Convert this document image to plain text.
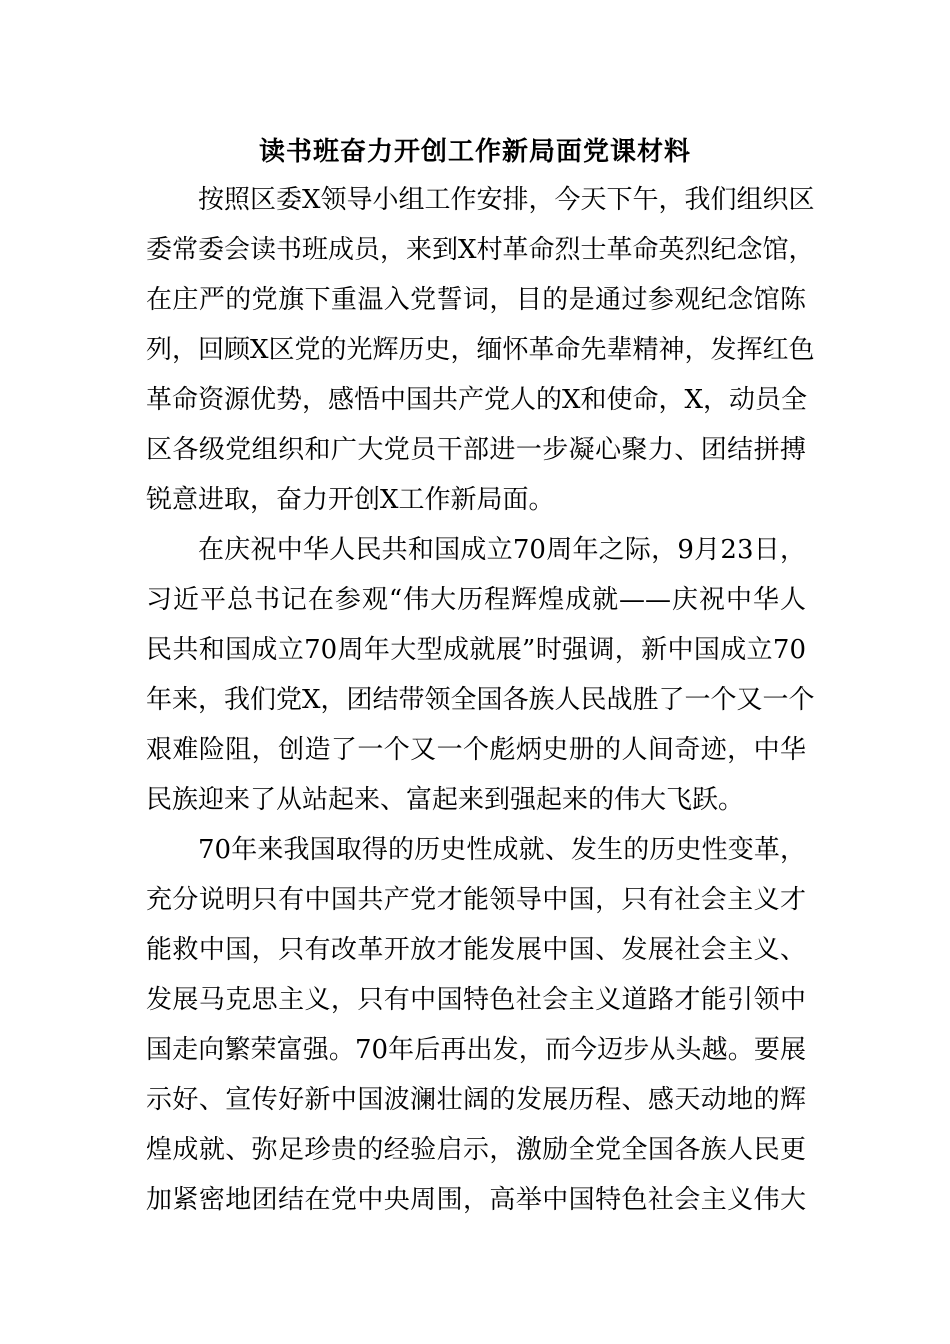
读书班奋力开创工作新局面党课材料
按照区委X领导小组工作安排，今天下午，我们组织区
委常委会读书班成员，来到X村革命烈士革命英烈纪念馆，
在庄严的党旗下重温入党誓词，目的是通过参观纪念馆陈
列，回顾X区党的光辉历史，缅怀革命先辈精神，发挥红色
革命资源优势，感悟中国共产党人的X和使命，X，动员全
区各级党组织和广大党员干部进一步凝心聚力、团结拼搏
锐意进取，奋力开创X工作新局面。
在庆祝中华人民共和国成立70周年之际，9月23日，
习近平总书记在参观“伟大历程辉煌成就——庆祝中华人
民共和国成立70周年大型成就展”时强调，新中国成立70
年来，我们党X，团结带领全国各族人民战胜了一个又一个
艰难险阻，创造了一个又一个彪炳史册的人间奇迹，中华
民族迎来了从站起来、富起来到强起来的伟大飞跃。
70年来我国取得的历史性成就、发生的历史性变革，
充分说明只有中国共产党才能领导中国，只有社会主义才
能救中国，只有改革开放才能发展中国、发展社会主义、
发展马克思主义，只有中国特色社会主义道路才能引领中
国走向繁荣富强。70年后再出发，而今迈步从头越。要展
示好、宣传好新中国波澜壮阔的发展历程、感天动地的辉
煌成就、弥足珍贵的经验启示，激励全党全国各族人民更
加紧密地团结在党中央周围，高举中国特色社会主义伟大
